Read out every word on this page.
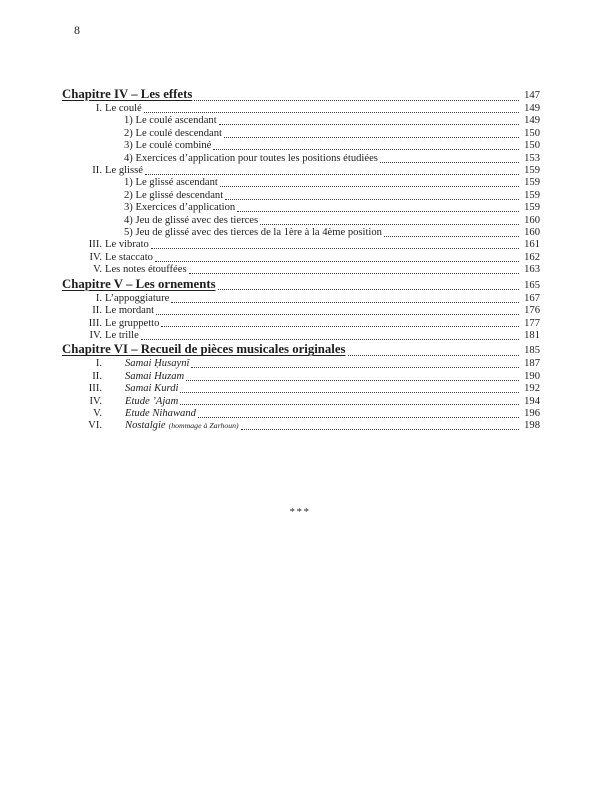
8
Chapitre IV – Les effets	147
I. Le coulé	149
1) Le coulé ascendant	149
2) Le coulé descendant	150
3) Le coulé combiné	150
4) Exercices d’application pour toutes les positions étudiées	153
II. Le glissé	159
1) Le glissé ascendant	159
2) Le glissé descendant	159
3) Exercices d’application	159
4) Jeu de glissé avec des tierces	160
5) Jeu de glissé avec des tierces de la 1ère à la 4ème position	160
III. Le vibrato	161
IV. Le staccato	162
V. Les notes étouffées	163
Chapitre V – Les ornements	165
I. L’appoggiature	167
II. Le mordant	176
III. Le gruppetto	177
IV. Le trille	181
Chapitre VI – Recueil de pièces musicales originales	185
I. Samai Ḥusaynî	187
II. Samai Huzam	190
III. Samai Kurdi	192
IV. Etude ’Ajam	194
V. Etude Nihawand	196
VI. Nostalgie (hommage à Zarhoun)	198
***
